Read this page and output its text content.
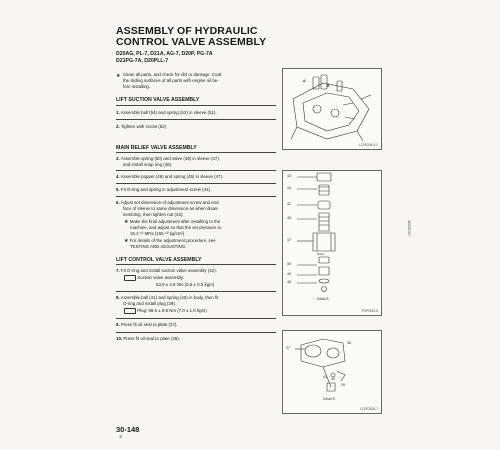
ASSEMBLY OF HYDRAULIC
CONTROL VALVE ASSEMBLY
D20AG, PL-7, D21A, AG-7, D20P, PG-7A
D21PG-7A, D20PLL-7
★ Clean all parts, and check for dirt or damage. Coat
the sliding surfaces of all parts with engine oil be-
fore installing.
LIFT SUCTION VALVE ASSEMBLY
1. Assemble ball (54) and spring (53) in sleeve (51).
2. Tighten with screw (52)
MAIN RELIEF VALVE ASSEMBLY
3. Assemble spring (50) and valve (49) in sleeve (47),
and install snap ring (48).
4. Assemble poppet (46) and spring (45) in sleeve (47).
5. Fit O-ring and spring in adjustment screw (44).
6. Adjust set dimension of adjustment screw and end
face of sleeve to same dimension as when disas-
sembling, then tighten nut (43).
★ Make the final adjustment after installing to the
machine, and adjust so that the set pressure is
15.2 ⁴⁰ MPa (155 ⁴⁰ kg/cm²)
★ For details of the adjustment procedure, see
TESTING AND ADJUSTING.
LIFT CONTROL VALVE ASSEMBLY
7. Fit O-ring and install suction valve assembly (42).
Suction valve assembly:
53.9 ± 4.9 Nm (5.5 ± 0.5 kgm)
8. Assemble ball (41) and spring (40) in body, then fit
O-ring and install plug (39).
Plug: 68.6 ± 9.8 Nm (7.0 ± 1.0 kgm)
9. Press fit oil seal to plate (37).
10. Press fit oil seal to plate (38).
A
B
LC0P206-4-2
43
44
42
45
47
DAIA
50
49
48
Detail A
P0P0922-5
37
38
41 40
39
Detail B
LC0P2426-7
4BSEO0
30-148
①
